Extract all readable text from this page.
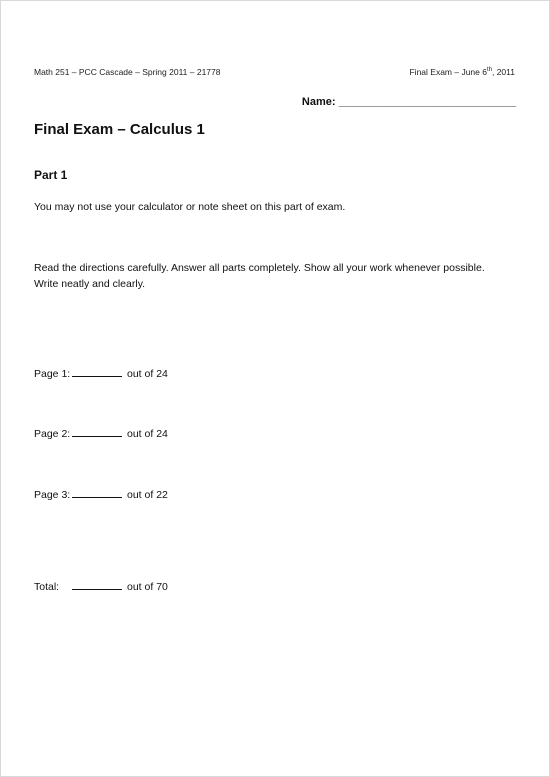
Math 251 – PCC Cascade – Spring 2011 – 21778	Final Exam – June 6th, 2011
Name: _____________________________
Final Exam – Calculus 1
Part 1
You may not use your calculator or note sheet on this part of exam.
Read the directions carefully. Answer all parts completely. Show all your work whenever possible. Write neatly and clearly.
Page 1:	out of 24
Page 2:	out of 24
Page 3:	out of 22
Total:	out of 70
